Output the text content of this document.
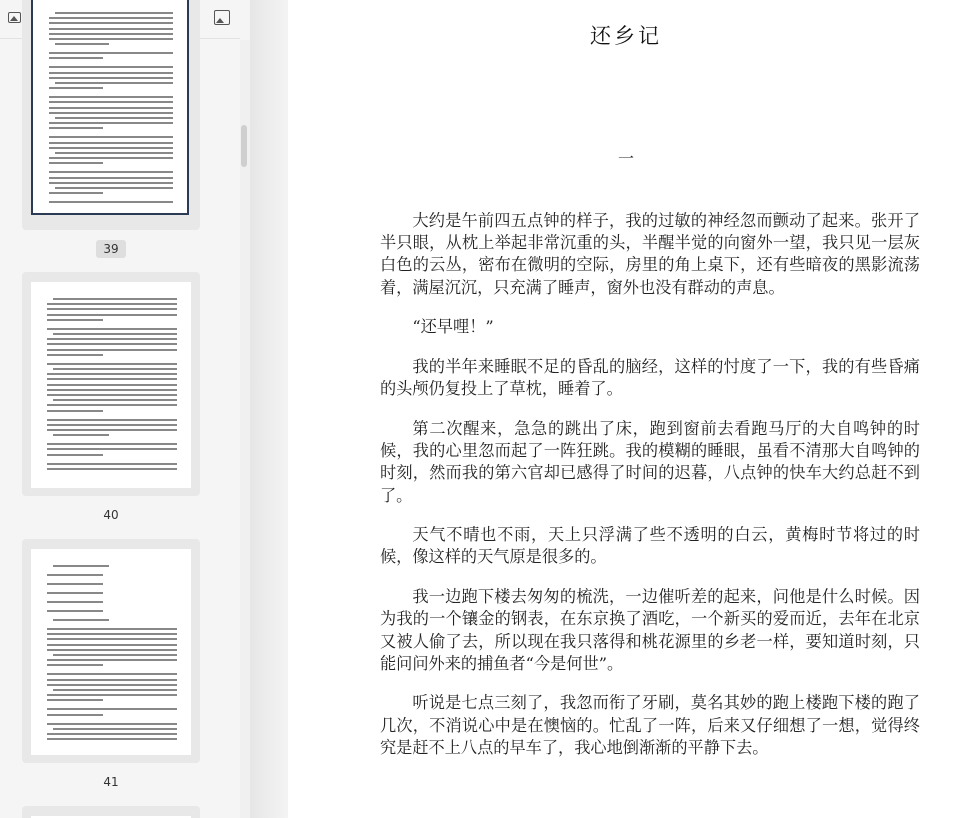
39
40
41
还乡记
一

大约是午前四五点钟的样子，我的过敏的神经忽而颤动了起来。张开了半只眼，从枕上举起非常沉重的头，半醒半觉的向窗外一望，我只见一层灰白色的云丛，密布在微明的空际，房里的角上桌下，还有些暗夜的黑影流荡着，满屋沉沉，只充满了睡声，窗外也没有群动的声息。

“还早哩！”

我的半年来睡眠不足的昏乱的脑经，这样的忖度了一下，我的有些昏痛的头颅仍复投上了草枕，睡着了。

第二次醒来，急急的跳出了床，跑到窗前去看跑马厅的大自鸣钟的时候，我的心里忽而起了一阵狂跳。我的模糊的睡眼，虽看不清那大自鸣钟的时刻，然而我的第六官却已感得了时间的迟暮，八点钟的快车大约总赶不到了。

天气不晴也不雨，天上只浮满了些不透明的白云，黄梅时节将过的时候，像这样的天气原是很多的。

我一边跑下楼去匆匆的梳洗，一边催听差的起来，问他是什么时候。因为我的一个镶金的钢表，在东京换了酒吃，一个新买的爱而近，去年在北京又被人偷了去，所以现在我只落得和桃花源里的乡老一样，要知道时刻，只能问问外来的捕鱼者“今是何世”。

听说是七点三刻了，我忽而衔了牙刷，莫名其妙的跑上楼跑下楼的跑了几次，不消说心中是在懊恼的。忙乱了一阵，后来又仔细想了一想，觉得终究是赶不上八点的早车了，我心地倒渐渐的平静下去。
